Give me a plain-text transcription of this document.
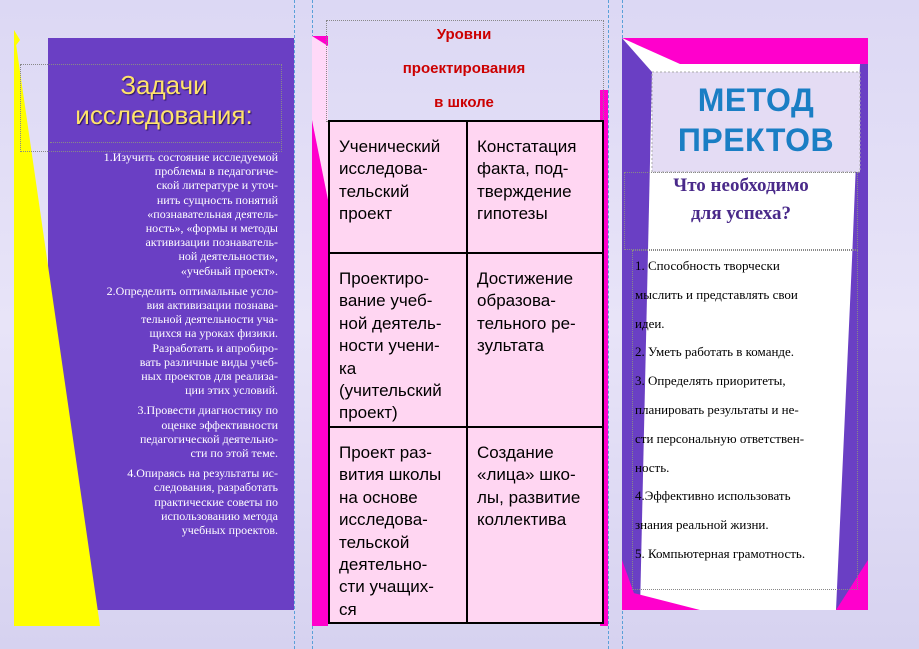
Задачи
исследования:
1.Изучить состояние исследуемой
проблемы в педагогиче-
ской литературе и уточ-
нить сущность понятий
«познавательная деятель-
ность», «формы и методы
активизации познаватель-
ной деятельности»,
«учебный проект».
2.Определить оптимальные усло-
вия активизации познава-
тельной деятельности уча-
щихся на уроках физики.
Разработать и апробиро-
вать различные виды учеб-
ных проектов для реализа-
ции этих условий.
3.Провести диагностику по
оценке эффективности
педагогической деятельно-
сти по этой теме.
4.Опираясь на результаты ис-
следования, разработать
практические советы по
использованию метода
учебных проектов.
Уровни
проектирования
в школе
Ученический
исследова-
тельский
проект
Констатация
факта, под-
тверждение
гипотезы
Проектиро-
вание учеб-
ной деятель-
ности учени-
ка
(учительский
проект)
Достижение
образова-
тельного ре-
зультата
Проект раз-
вития школы
на основе
исследова-
тельской
деятельно-
сти учащих-
ся
Создание
«лица» шко-
лы, развитие
коллектива
МЕТОД
ПРЕКТОВ
Что необходимо
для успеха?
1. Способность творчески
мыслить и представлять свои
идеи.
2. Уметь работать в команде.
3. Определять приоритеты,
планировать результаты и не-
сти персональную ответствен-
ность.
4.Эффективно использовать
знания реальной жизни.
5. Компьютерная грамотность.
